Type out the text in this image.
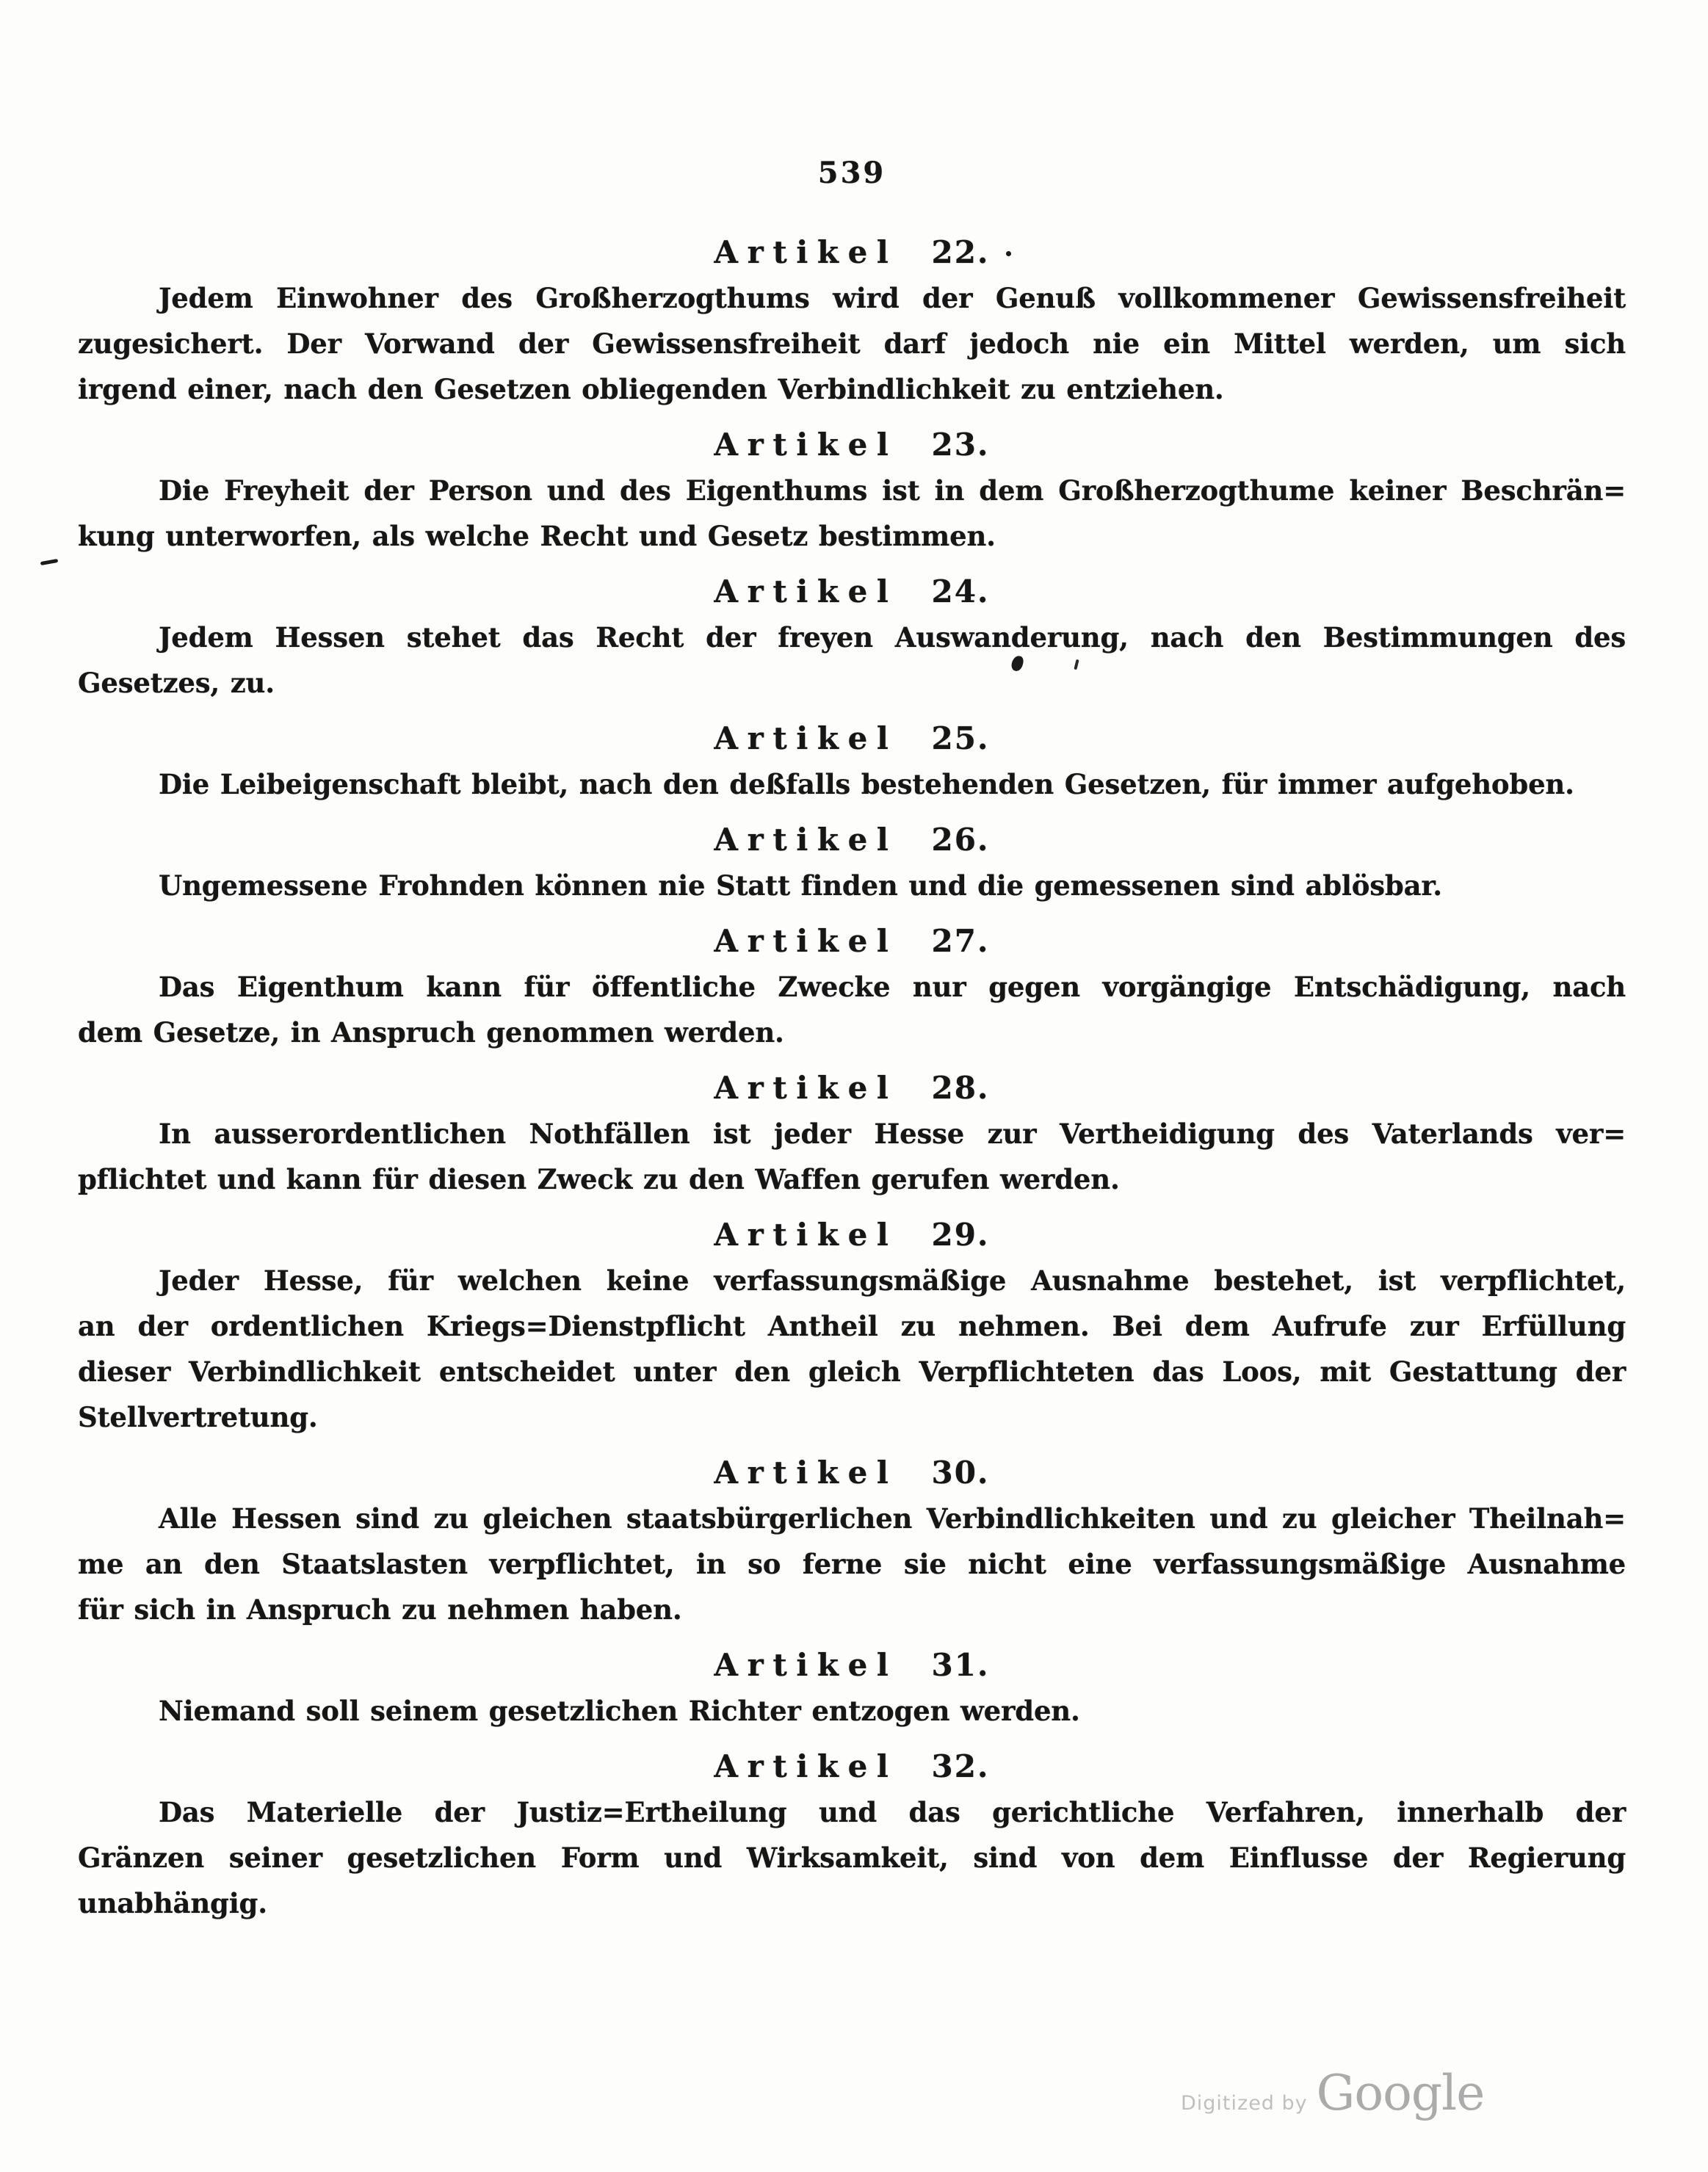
539
Artikel 22.

Jedem Einwohner des Großherzogthums wird der Genuß vollkommener Gewissensfreiheit
zugesichert. Der Vorwand der Gewissensfreiheit darf jedoch nie ein Mittel werden, um sich
irgend einer, nach den Gesetzen obliegenden Verbindlichkeit zu entziehen.

Artikel 23.

Die Freyheit der Person und des Eigenthums ist in dem Großherzogthume keiner Beschrän=
kung unterworfen, als welche Recht und Gesetz bestimmen.

Artikel 24.

Jedem Hessen stehet das Recht der freyen Auswanderung, nach den Bestimmungen des
Gesetzes, zu.

Artikel 25.

Die Leibeigenschaft bleibt, nach den deßfalls bestehenden Gesetzen, für immer aufgehoben.

Artikel 26.

Ungemessene Frohnden können nie Statt finden und die gemessenen sind ablösbar.

Artikel 27.

Das Eigenthum kann für öffentliche Zwecke nur gegen vorgängige Entschädigung, nach
dem Gesetze, in Anspruch genommen werden.

Artikel 28.

In ausserordentlichen Nothfällen ist jeder Hesse zur Vertheidigung des Vaterlands ver=
pflichtet und kann für diesen Zweck zu den Waffen gerufen werden.

Artikel 29.

Jeder Hesse, für welchen keine verfassungsmäßige Ausnahme bestehet, ist verpflichtet,
an der ordentlichen Kriegs=Dienstpflicht Antheil zu nehmen. Bei dem Aufrufe zur Erfüllung
dieser Verbindlichkeit entscheidet unter den gleich Verpflichteten das Loos, mit Gestattung der
Stellvertretung.

Artikel 30.

Alle Hessen sind zu gleichen staatsbürgerlichen Verbindlichkeiten und zu gleicher Theilnah=
me an den Staatslasten verpflichtet, in so ferne sie nicht eine verfassungsmäßige Ausnahme
für sich in Anspruch zu nehmen haben.

Artikel 31.

Niemand soll seinem gesetzlichen Richter entzogen werden.

Artikel 32.

Das Materielle der Justiz=Ertheilung und das gerichtliche Verfahren, innerhalb der
Gränzen seiner gesetzlichen Form und Wirksamkeit, sind von dem Einflusse der Regierung
unabhängig.

Digitized by Google
